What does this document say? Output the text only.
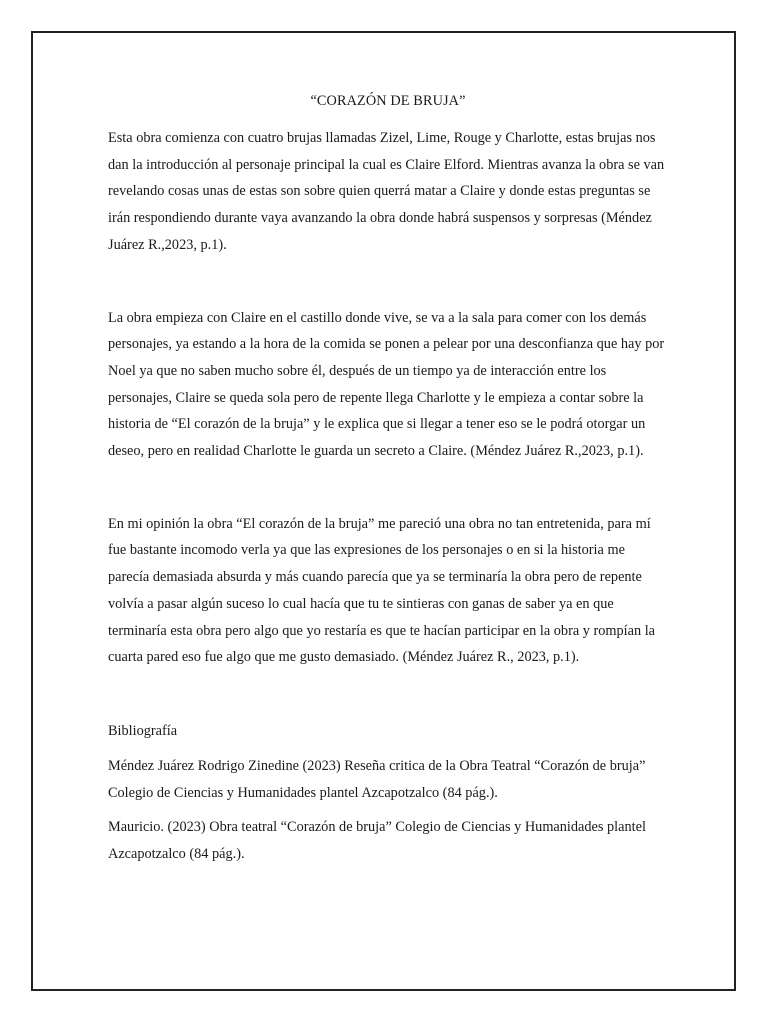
“CORAZÓN DE BRUJA”

Esta obra comienza con cuatro brujas llamadas Zizel, Lime, Rouge y Charlotte, estas brujas nos dan la introducción al personaje principal la cual es Claire Elford. Mientras avanza la obra se van revelando cosas unas de estas son sobre quien querrá matar a Claire y donde estas preguntas se irán respondiendo durante vaya avanzando la obra donde habrá suspensos y sorpresas (Méndez Juárez R.,2023, p.1).

La obra empieza con Claire en el castillo donde vive, se va a la sala para comer con los demás personajes, ya estando a la hora de la comida se ponen a pelear por una desconfianza que hay por Noel ya que no saben mucho sobre él, después de un tiempo ya de interacción entre los personajes, Claire se queda sola pero de repente llega Charlotte y le empieza a contar sobre la historia de “El corazón de la bruja” y le explica que si llegar a tener eso se le podrá otorgar un deseo, pero en realidad Charlotte le guarda un secreto a Claire. (Méndez Juárez R.,2023, p.1).

En mi opinión la obra “El corazón de la bruja” me pareció una obra no tan entretenida, para mí fue bastante incomodo verla ya que las expresiones de los personajes o en si la historia me parecía demasiada absurda y más cuando parecía que ya se terminaría la obra pero de repente volvía a pasar algún suceso lo cual hacía que tu te sintieras con ganas de saber ya en que terminaría esta obra pero algo que yo restaría es que te hacían participar en la obra y rompían la cuarta pared eso fue algo que me gusto demasiado. (Méndez Juárez R., 2023, p.1).

Bibliografía

Méndez Juárez Rodrigo Zinedine (2023) Reseña critica de la Obra Teatral “Corazón de bruja” Colegio de Ciencias y Humanidades plantel Azcapotzalco (84 pág.).

Mauricio. (2023) Obra teatral “Corazón de bruja” Colegio de Ciencias y Humanidades plantel Azcapotzalco (84 pág.).
